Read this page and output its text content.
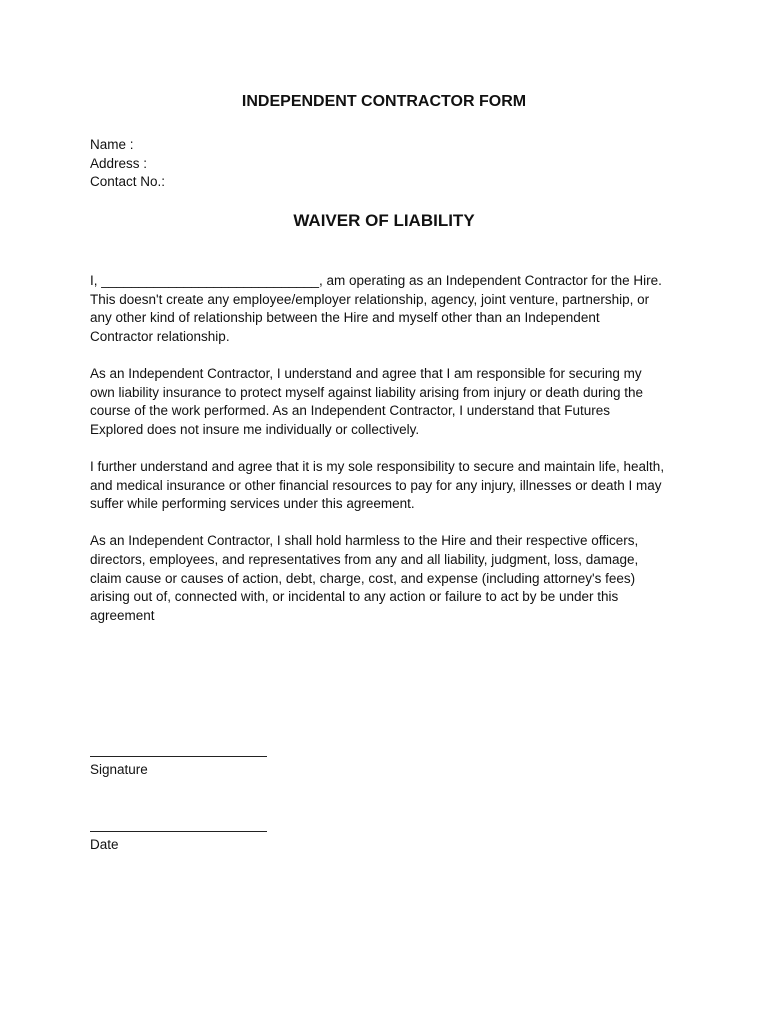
INDEPENDENT CONTRACTOR FORM
Name :
Address :
Contact No.:
WAIVER OF LIABILITY

I, _____________________________, am operating as an Independent Contractor for the Hire.
This doesn't create any employee/employer relationship, agency, joint venture, partnership, or
any other kind of relationship between the Hire and myself other than an Independent
Contractor relationship.

As an Independent Contractor, I understand and agree that I am responsible for securing my
own liability insurance to protect myself against liability arising from injury or death during the
course of the work performed. As an Independent Contractor, I understand that Futures
Explored does not insure me individually or collectively.

I further understand and agree that it is my sole responsibility to secure and maintain life, health,
and medical insurance or other financial resources to pay for any injury, illnesses or death I may
suffer while performing services under this agreement.

As an Independent Contractor, I shall hold harmless to the Hire and their respective officers,
directors, employees, and representatives from any and all liability, judgment, loss, damage,
claim cause or causes of action, debt, charge, cost, and expense (including attorney's fees)
arising out of, connected with, or incidental to any action or failure to act by be under this
agreement

Signature
Date
